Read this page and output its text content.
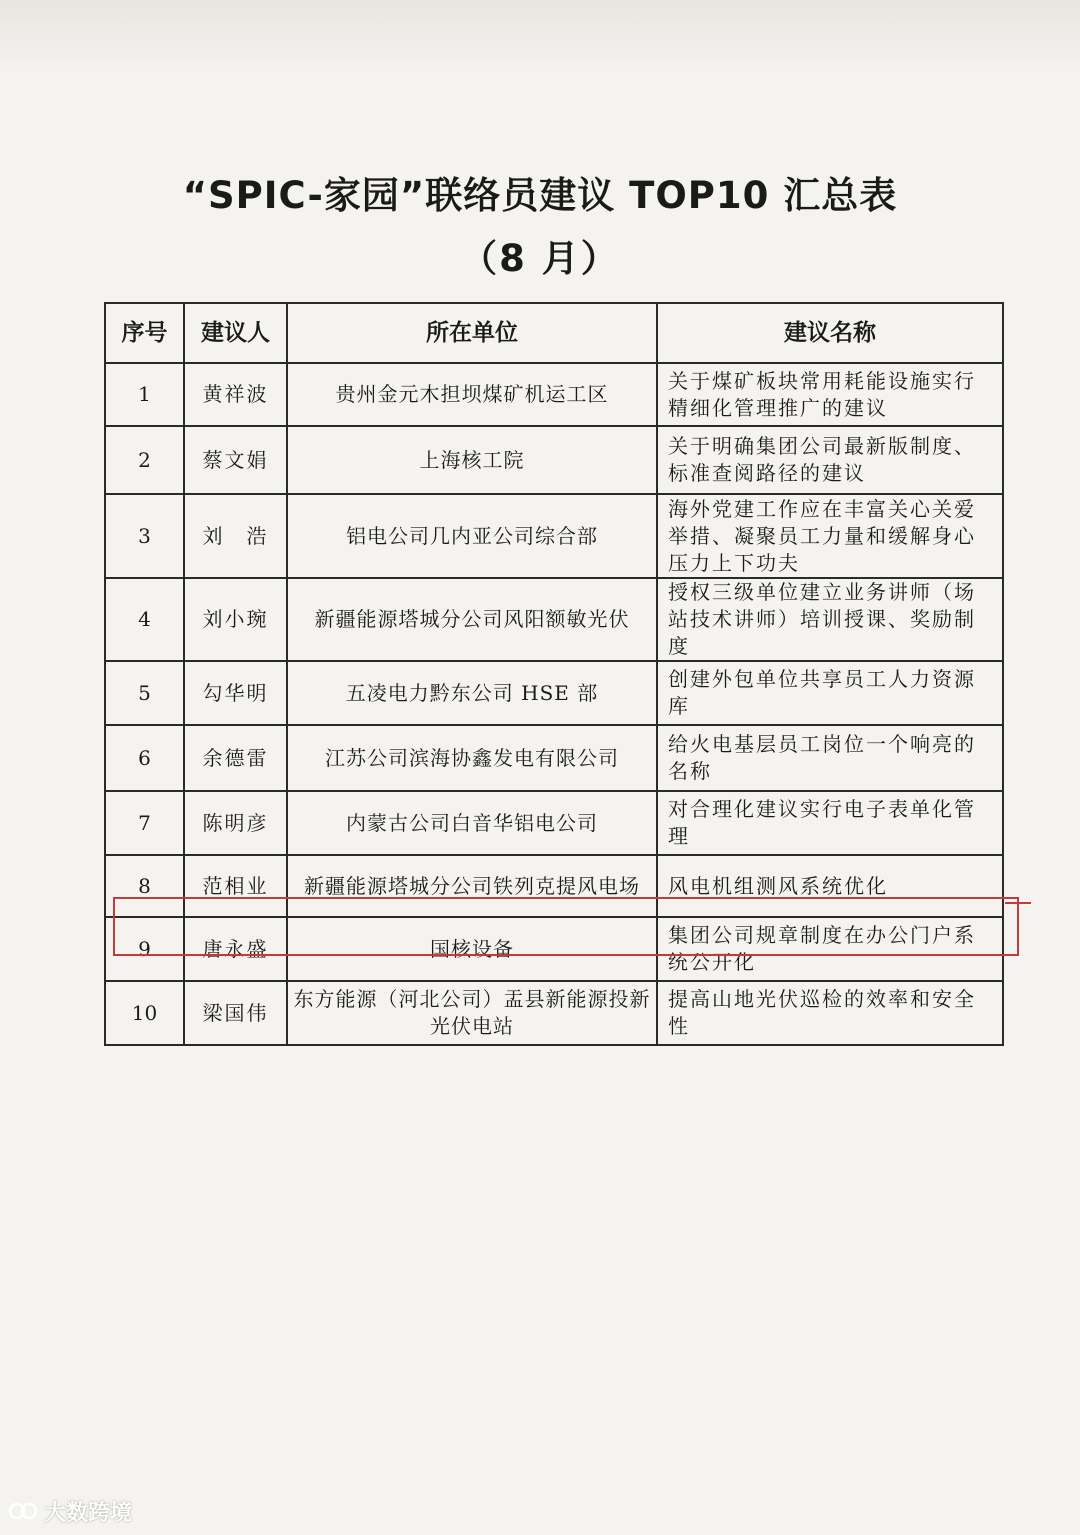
“SPIC-家园”联络员建议 TOP10 汇总表
（8 月）
序号	建议人	所在单位	建议名称
1	黄祥波	贵州金元木担坝煤矿机运工区	关于煤矿板块常用耗能设施实行精细化管理推广的建议
2	蔡文娟	上海核工院	关于明确集团公司最新版制度、标准查阅路径的建议
3	刘　浩	铝电公司几内亚公司综合部	海外党建工作应在丰富关心关爱举措、凝聚员工力量和缓解身心压力上下功夫
4	刘小琬	新疆能源塔城分公司风阳额敏光伏	授权三级单位建立业务讲师（场站技术讲师）培训授课、奖励制度
5	勾华明	五凌电力黔东公司 HSE 部	创建外包单位共享员工人力资源库
6	余德雷	江苏公司滨海协鑫发电有限公司	给火电基层员工岗位一个响亮的名称
7	陈明彦	内蒙古公司白音华铝电公司	对合理化建议实行电子表单化管理
8	范相业	新疆能源塔城分公司铁列克提风电场	风电机组测风系统优化
9	唐永盛	国核设备	集团公司规章制度在办公门户系统公开化
10	梁国伟	东方能源（河北公司）盂县新能源投新光伏电站	提高山地光伏巡检的效率和安全性
大数跨境
